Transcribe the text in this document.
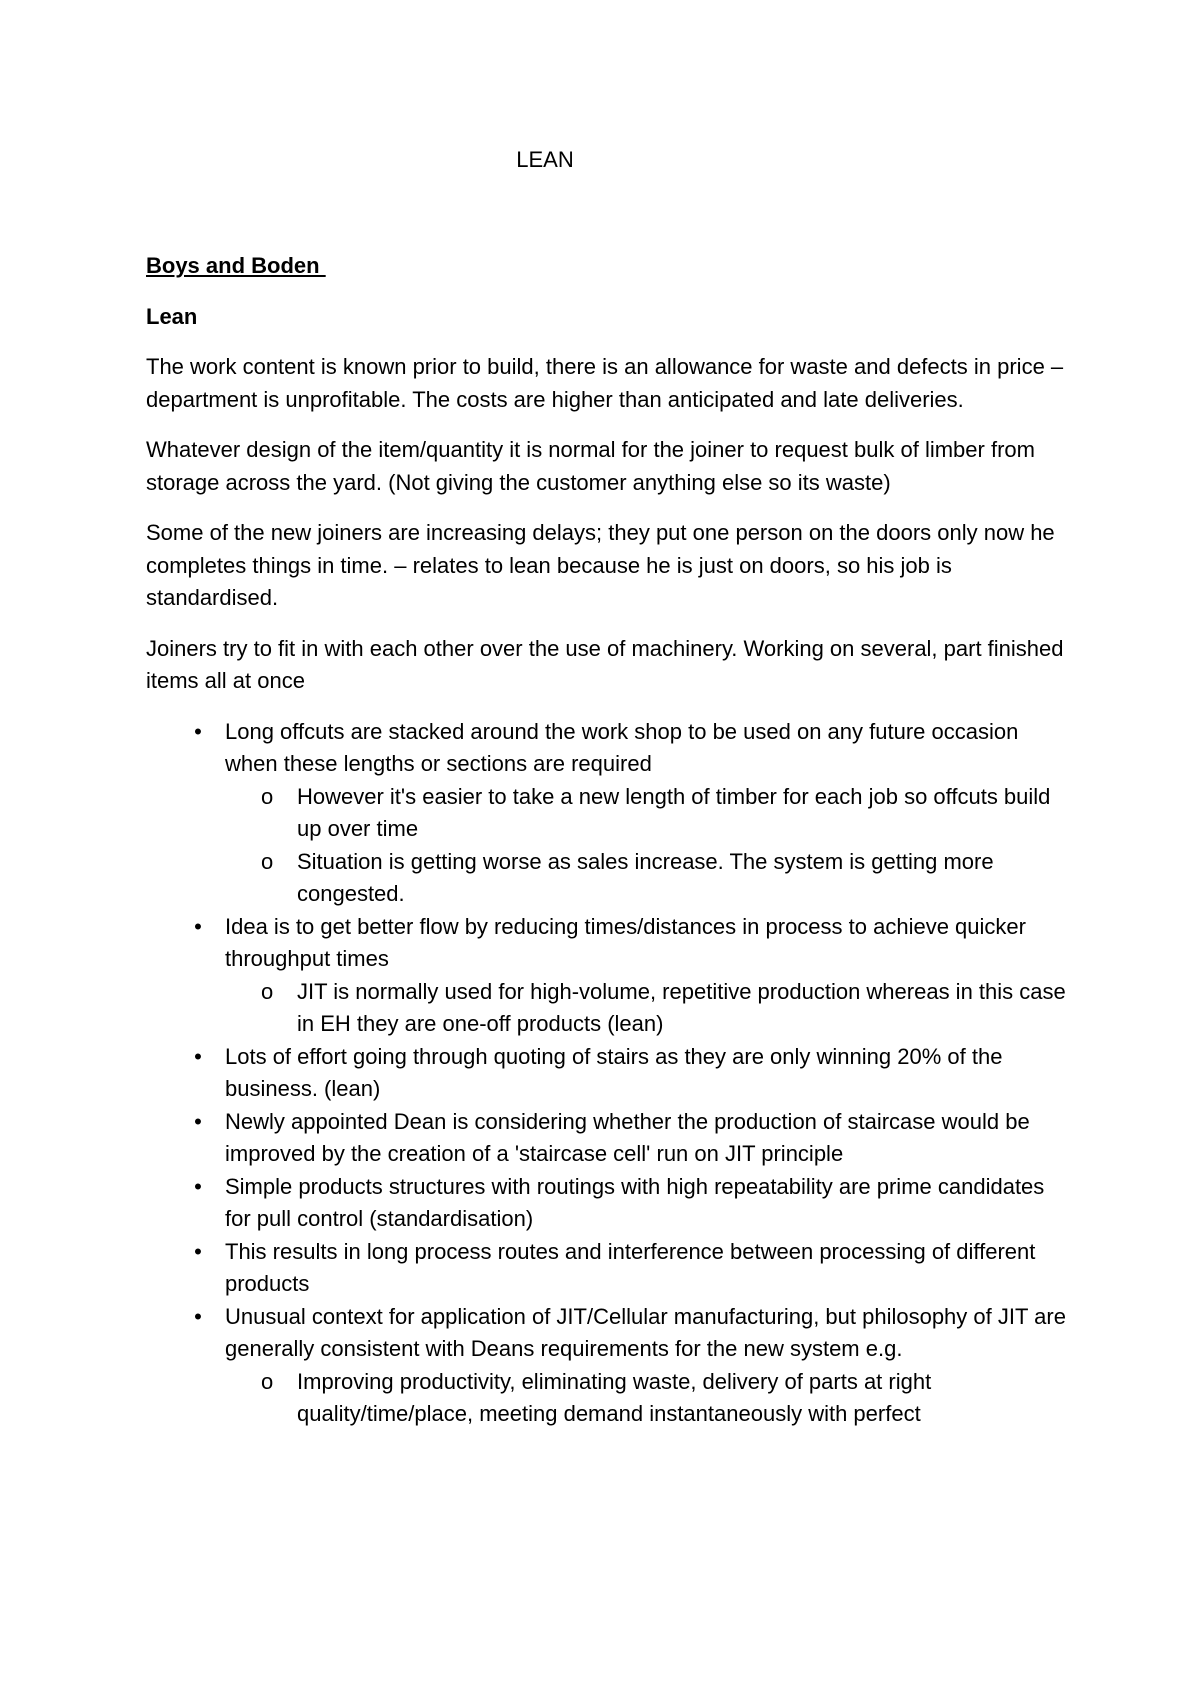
LEAN
Boys and Boden
Lean

The work content is known prior to build, there is an allowance for waste and defects in price – department is unprofitable. The costs are higher than anticipated and late deliveries.

Whatever design of the item/quantity it is normal for the joiner to request bulk of limber from storage across the yard. (Not giving the customer anything else so its waste)

Some of the new joiners are increasing delays; they put one person on the doors only now he completes things in time. – relates to lean because he is just on doors, so his job is standardised.

Joiners try to fit in with each other over the use of machinery. Working on several, part finished items all at once

• Long offcuts are stacked around the work shop to be used on any future occasion when these lengths or sections are required
o	However it's easier to take a new length of timber for each job so offcuts build up over time
o	Situation is getting worse as sales increase. The system is getting more congested.
• Idea is to get better flow by reducing times/distances in process to achieve quicker throughput times
o	JIT is normally used for high-volume, repetitive production whereas in this case in EH they are one-off products (lean)
• Lots of effort going through quoting of stairs as they are only winning 20% of the business. (lean)
• Newly appointed Dean is considering whether the production of staircase would be improved by the creation of a 'staircase cell' run on JIT principle
• Simple products structures with routings with high repeatability are prime candidates for pull control (standardisation)
• This results in long process routes and interference between processing of different products
• Unusual context for application of JIT/Cellular manufacturing, but philosophy of JIT are generally consistent with Deans requirements for the new system e.g.
o	Improving productivity, eliminating waste, delivery of parts at right quality/time/place, meeting demand instantaneously with perfect
